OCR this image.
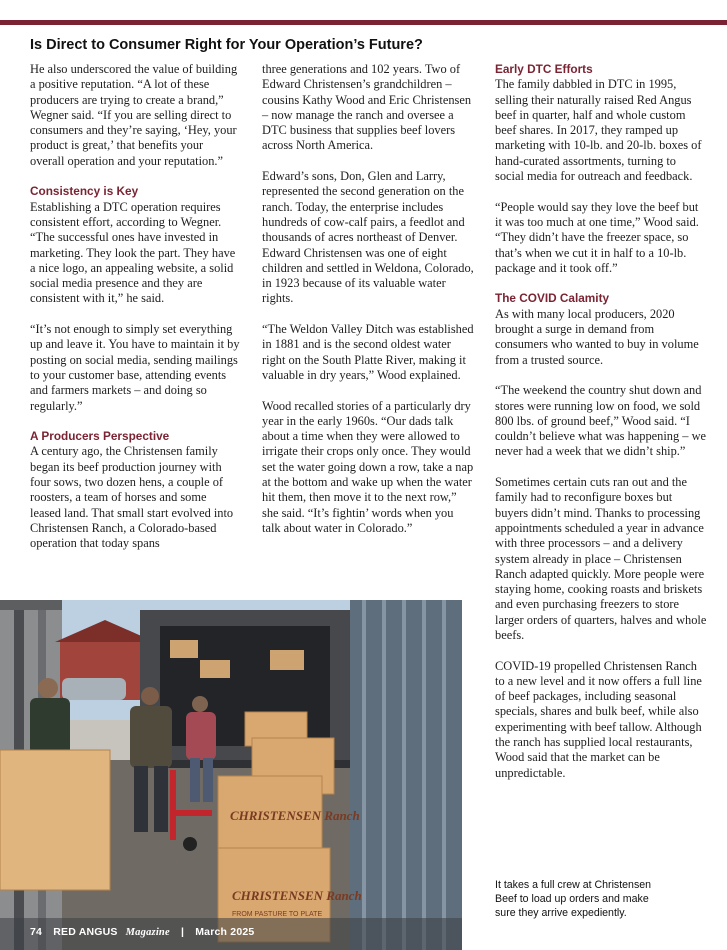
Is Direct to Consumer Right for Your Operation’s Future?

He also underscored the value of building a positive reputation. “A lot of these producers are trying to create a brand,” Wegner said. “If you are selling direct to consumers and they’re saying, ‘Hey, your product is great,’ that benefits your overall operation and your reputation.”

Consistency is Key

Establishing a DTC operation requires consistent effort, according to Wegner. “The successful ones have invested in marketing. They look the part. They have a nice logo, an appealing website, a solid social media presence and they are consistent with it,” he said.

“It’s not enough to simply set everything up and leave it. You have to maintain it by posting on social media, sending mailings to your customer base, attending events and farmers markets – and doing so regularly.”

A Producers Perspective

A century ago, the Christensen family began its beef production journey with four sows, two dozen hens, a couple of roosters, a team of horses and some leased land. That small start evolved into Christensen Ranch, a Colorado-based operation that today spans

three generations and 102 years. Two of Edward Christensen’s grandchildren – cousins Kathy Wood and Eric Christensen – now manage the ranch and oversee a DTC business that supplies beef lovers across North America.

Edward’s sons, Don, Glen and Larry, represented the second generation on the ranch. Today, the enterprise includes hundreds of cow-calf pairs, a feedlot and thousands of acres northeast of Denver. Edward Christensen was one of eight children and settled in Weldona, Colorado, in 1923 because of its valuable water rights.

“The Weldon Valley Ditch was established in 1881 and is the second oldest water right on the South Platte River, making it valuable in dry years,” Wood explained.

Wood recalled stories of a particularly dry year in the early 1960s. “Our dads talk about a time when they were allowed to irrigate their crops only once. They would set the water going down a row, take a nap at the bottom and wake up when the water hit them, then move it to the next row,” she said. “It’s fightin’ words when you talk about water in Colorado.”

Early DTC Efforts

The family dabbled in DTC in 1995, selling their naturally raised Red Angus beef in quarter, half and whole custom beef shares. In 2017, they ramped up marketing with 10-lb. and 20-lb. boxes of hand-curated assortments, turning to social media for outreach and feedback.

“People would say they love the beef but it was too much at one time,” Wood said. “They didn’t have the freezer space, so that’s when we cut it in half to a 10-lb. package and it took off.”

The COVID Calamity

As with many local producers, 2020 brought a surge in demand from consumers who wanted to buy in volume from a trusted source.

“The weekend the country shut down and stores were running low on food, we sold 800 lbs. of ground beef,” Wood said. “I couldn’t believe what was happening – we never had a week that we didn’t ship.”

Sometimes certain cuts ran out and the family had to reconfigure boxes but buyers didn’t mind. Thanks to processing appointments scheduled a year in advance with three processors – and a delivery system already in place – Christensen Ranch adapted quickly. More people were staying home, cooking roasts and briskets and even purchasing freezers to store larger orders of quarters, halves and whole beefs.

COVID-19 propelled Christensen Ranch to a new level and it now offers a full line of beef packages, including seasonal specials, shares and bulk beef, while also experimenting with beef tallow. Although the ranch has supplied local restaurants, Wood said that the market can be unpredictable.

CHRISTENSEN Ranch
CHRISTENSEN Ranch
FROM PASTURE TO PLATE
It takes a full crew at Christensen Beef to load up orders and make sure they arrive expediently.
74 RED ANGUS Magazine | March 2025
